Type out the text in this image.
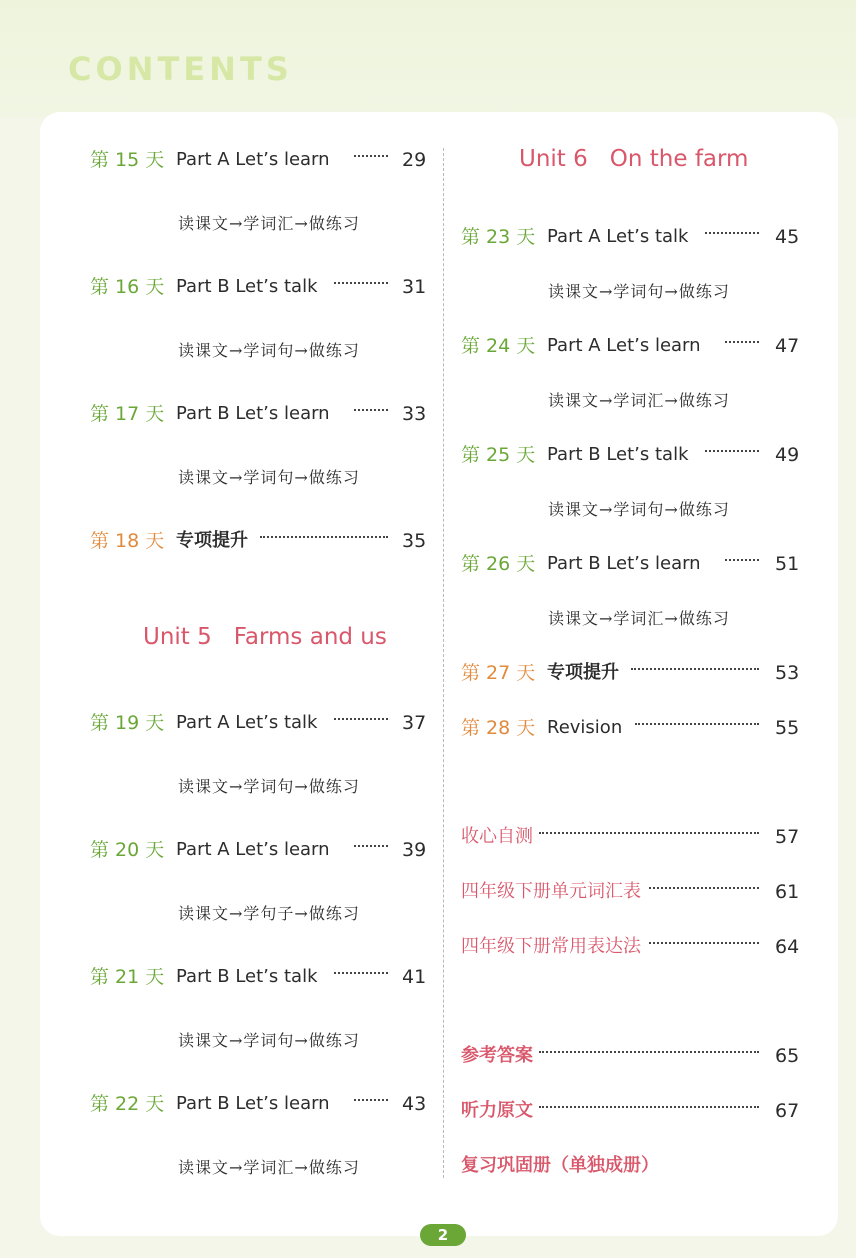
CONTENTS
第 15 天 Part A Let’s learn	29
读课文→学词汇→做练习
第 16 天 Part B Let’s talk	31
读课文→学词句→做练习
第 17 天 Part B Let’s learn	33
读课文→学词句→做练习
第 18 天 专项提升	35
Unit 5 Farms and us
第 19 天 Part A Let’s talk	37
读课文→学词句→做练习
第 20 天 Part A Let’s learn	39
读课文→学句子→做练习
第 21 天 Part B Let’s talk	41
读课文→学词句→做练习
第 22 天 Part B Let’s learn	43
读课文→学词汇→做练习
Unit 6 On the farm
第 23 天 Part A Let’s talk	45
读课文→学词句→做练习
第 24 天 Part A Let’s learn	47
读课文→学词汇→做练习
第 25 天 Part B Let’s talk	49
读课文→学词句→做练习
第 26 天 Part B Let’s learn	51
读课文→学词汇→做练习
第 27 天 专项提升	53
第 28 天 Revision	55
收心自测	57
四年级下册单元词汇表	61
四年级下册常用表达法	64
参考答案	65
听力原文	67
复习巩固册（单独成册）
2
